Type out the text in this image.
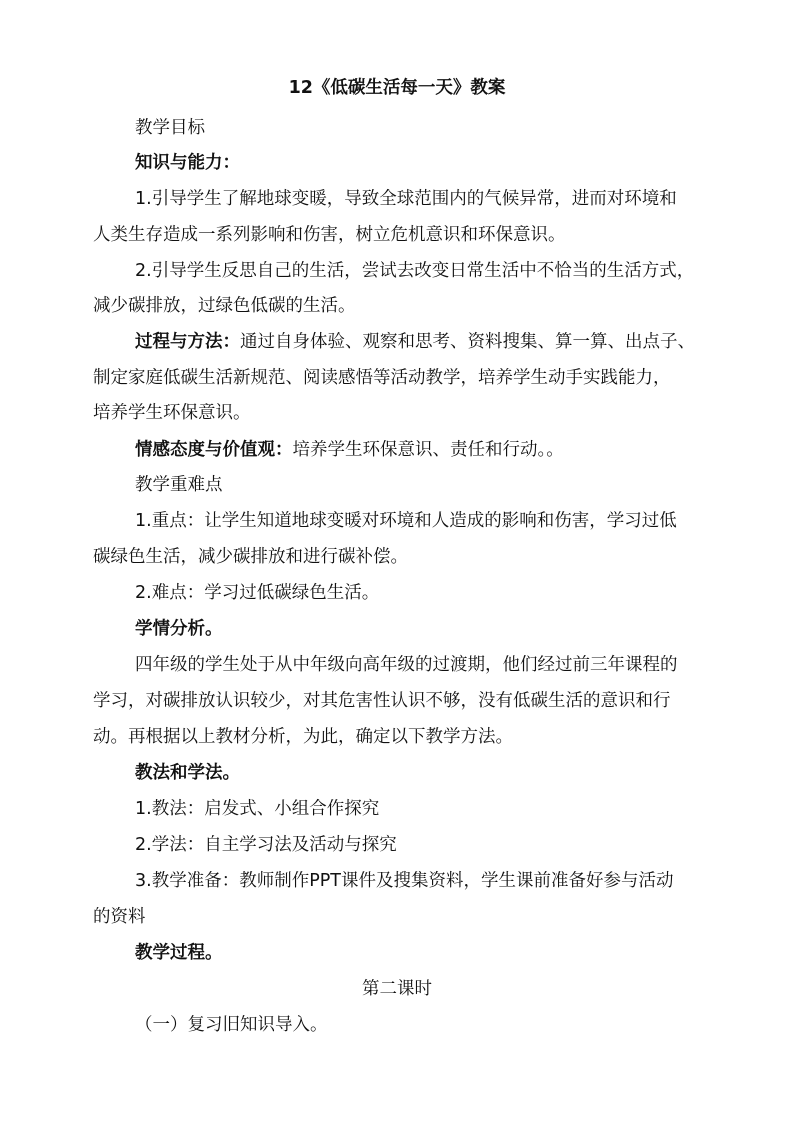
12《低碳生活每一天》教案
教学目标
知识与能力：
1.引导学生了解地球变暖，导致全球范围内的气候异常，进而对环境和
人类生存造成一系列影响和伤害，树立危机意识和环保意识。
2.引导学生反思自己的生活，尝试去改变日常生活中不恰当的生活方式，
减少碳排放，过绿色低碳的生活。
过程与方法：通过自身体验、观察和思考、资料搜集、算一算、出点子、
制定家庭低碳生活新规范、阅读感悟等活动教学，培养学生动手实践能力，
培养学生环保意识。
情感态度与价值观：培养学生环保意识、责任和行动。。
教学重难点
1.重点：让学生知道地球变暖对环境和人造成的影响和伤害，学习过低
碳绿色生活，减少碳排放和进行碳补偿。
2.难点：学习过低碳绿色生活。
学情分析。
四年级的学生处于从中年级向高年级的过渡期，他们经过前三年课程的
学习，对碳排放认识较少，对其危害性认识不够，没有低碳生活的意识和行
动。再根据以上教材分析，为此，确定以下教学方法。
教法和学法。
1.教法：启发式、小组合作探究
2.学法：自主学习法及活动与探究
3.教学准备：教师制作PPT课件及搜集资料，学生课前准备好参与活动
的资料
教学过程。
第二课时
（一）复习旧知识导入。
